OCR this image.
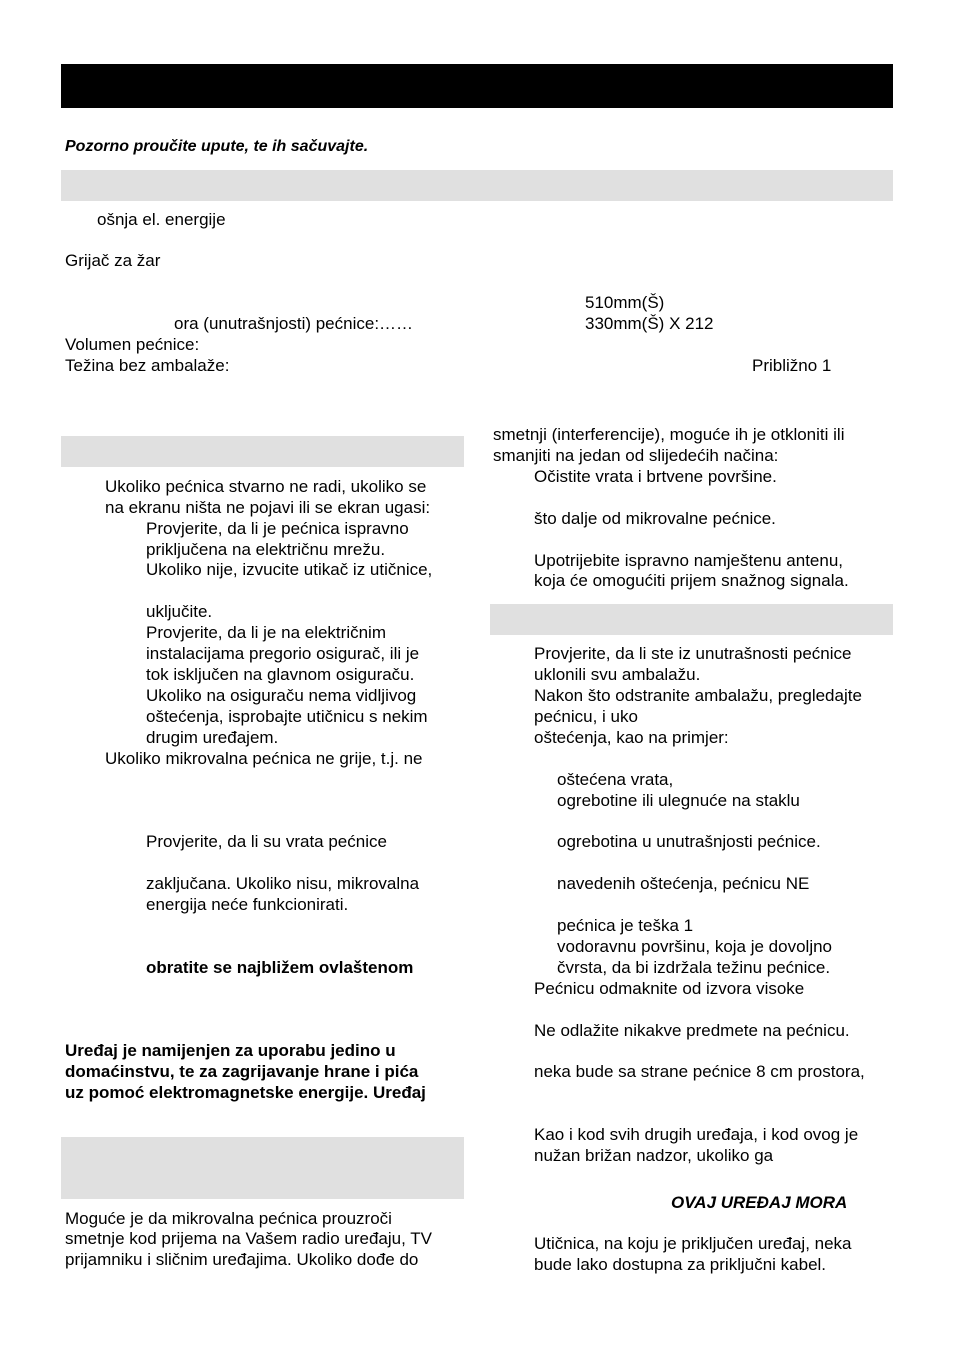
Pozorno proučite upute, te ih sačuvajte.
ošnja el. energije
Grijač za žar
510mm(Š)
ora (unutrašnjosti) pećnice:……	330mm(Š) X 212
Volumen pećnice:
Težina bez ambalaže:	Približno 1
Ukoliko pećnica stvarno ne radi, ukoliko se
na ekranu ništa ne pojavi ili se ekran ugasi:
Provjerite, da li je pećnica ispravno
priključena na električnu mrežu.
Ukoliko nije, izvucite utikač iz utičnice,
uključite.
Provjerite, da li je na električnim
instalacijama pregorio osigurač, ili je
tok isključen na glavnom osiguraču.
Ukoliko na osiguraču nema vidljivog
oštećenja, isprobajte utičnicu s nekim
drugim uređajem.
Ukoliko mikrovalna pećnica ne grije, t.j. ne
Provjerite, da li su vrata pećnice
zaključana. Ukoliko nisu, mikrovalna
energija neće funkcionirati.
obratite se najbližem ovlaštenom
Uređaj je namijenjen za uporabu jedino u
domaćinstvu, te za zagrijavanje hrane i pića
uz pomoć elektromagnetske energije. Uređaj
Moguće je da mikrovalna pećnica prouzroči
smetnje kod prijema na Vašem radio uređaju, TV
prijamniku i sličnim uređajima. Ukoliko dođe do
smetnji (interferencije), moguće ih je otkloniti ili
smanjiti na jedan od slijedećih načina:
Očistite vrata i brtvene površine.
što dalje od mikrovalne pećnice.
Upotrijebite ispravno namještenu antenu,
koja će omogućiti prijem snažnog signala.
Provjerite, da li ste iz unutrašnosti pećnice
uklonili svu ambalažu.
Nakon što odstranite ambalažu, pregledajte
pećnicu, i uko
oštećenja, kao na primjer:
oštećena vrata,
ogrebotine ili ulegnuće na staklu
ogrebotina u unutrašnjosti pećnice.
navedenih oštećenja, pećnicu NE
pećnica je teška 1
vodoravnu površinu, koja je dovoljno
čvrsta, da bi izdržala težinu pećnice.
Pećnicu odmaknite od izvora visoke
Ne odlažite nikakve predmete na pećnicu.
neka bude sa strane pećnice 8 cm prostora,
Kao i kod svih drugih uređaja, i kod ovog je
nužan brižan nadzor, ukoliko ga
OVAJ UREĐAJ MORA
Utičnica, na koju je priključen uređaj, neka
bude lako dostupna za priključni kabel.
